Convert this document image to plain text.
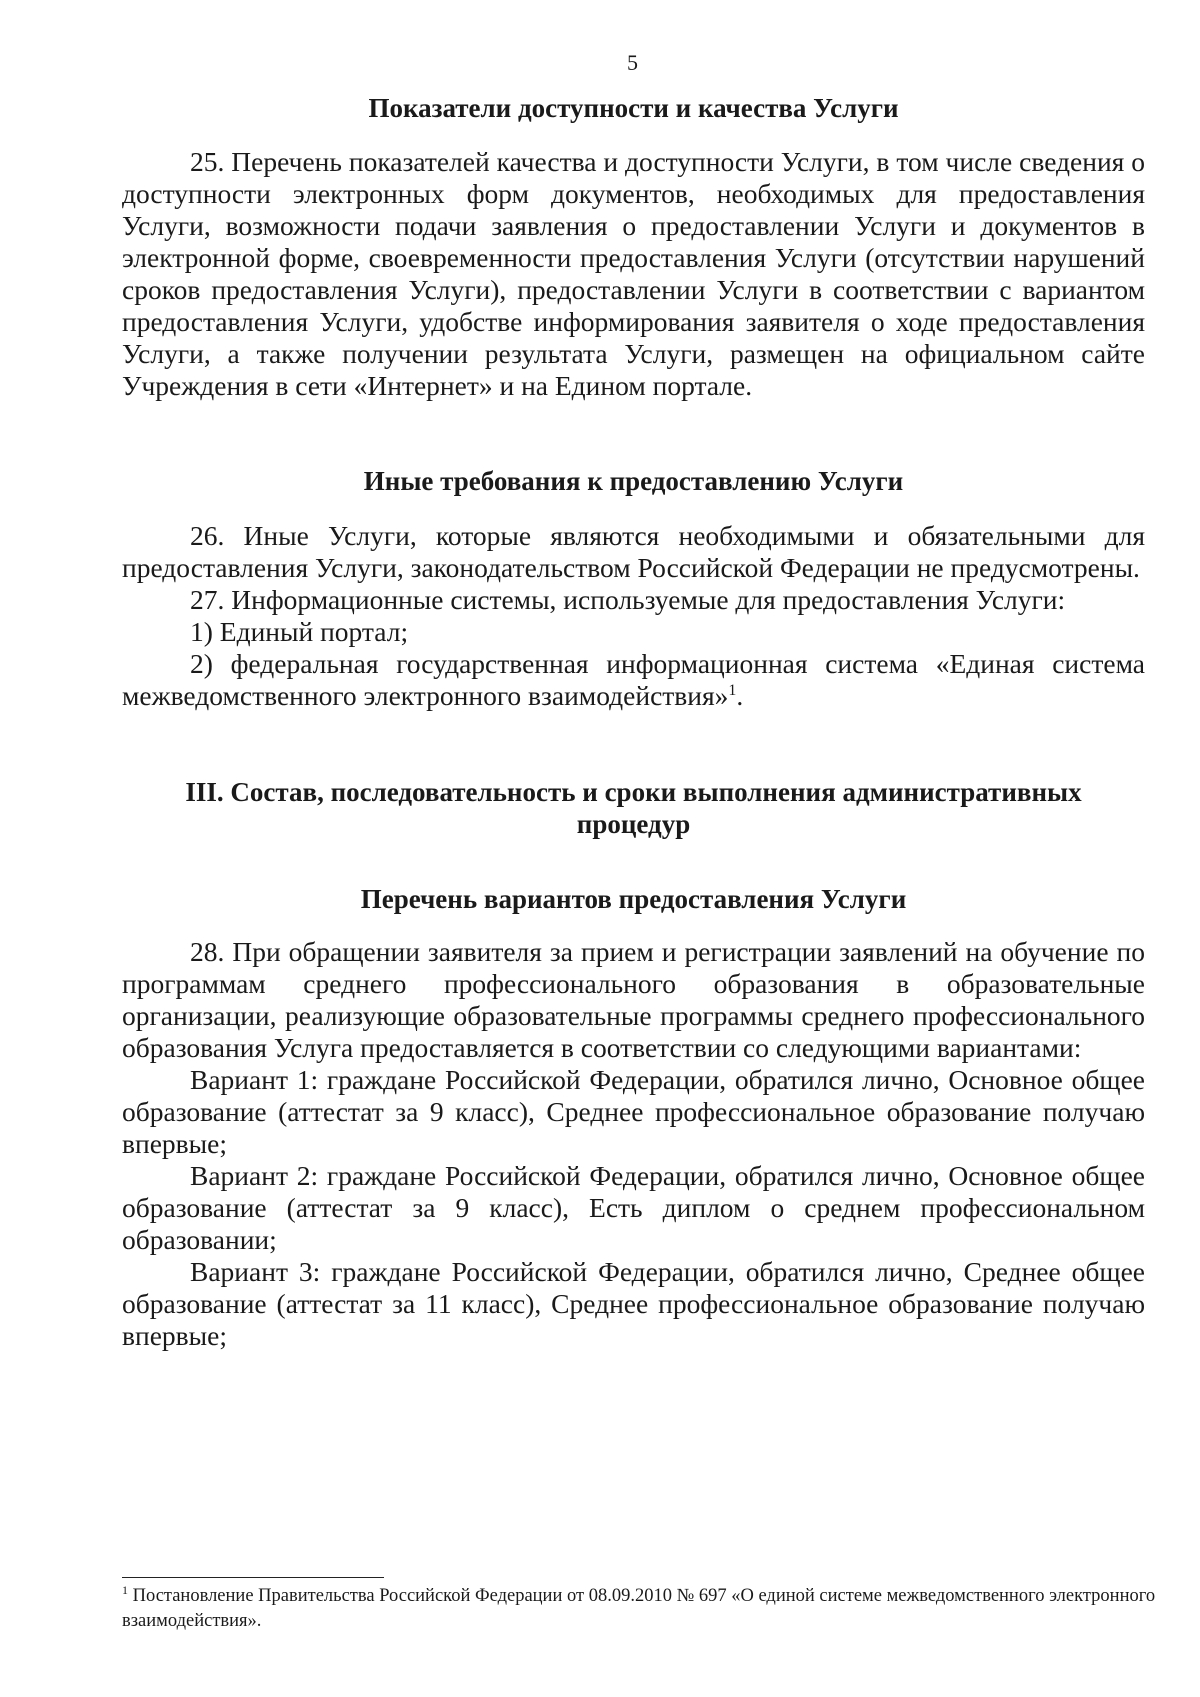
5
Показатели доступности и качества Услуги

25. Перечень показателей качества и доступности Услуги, в том числе сведения о доступности электронных форм документов, необходимых для предоставления Услуги, возможности подачи заявления о предоставлении Услуги и документов в электронной форме, своевременности предоставления Услуги (отсутствии нарушений сроков предоставления Услуги), предоставлении Услуги в соответствии с вариантом предоставления Услуги, удобстве информирования заявителя о ходе предоставления Услуги, а также получении результата Услуги, размещен на официальном сайте Учреждения в сети «Интернет» и на Едином портале.

Иные требования к предоставлению Услуги

26. Иные Услуги, которые являются необходимыми и обязательными для предоставления Услуги, законодательством Российской Федерации не предусмотрены.

27. Информационные системы, используемые для предоставления Услуги:

1) Единый портал;

2) федеральная государственная информационная система «Единая система межведомственного электронного взаимодействия»$^1$.

III. Состав, последовательность и сроки выполнения административных
процедур
Перечень вариантов предоставления Услуги

28. При обращении заявителя за прием и регистрации заявлений на обучение по программам среднего профессионального образования в образовательные организации, реализующие образовательные программы среднего профессионального образования Услуга предоставляется в соответствии со следующими вариантами:

Вариант 1: граждане Российской Федерации, обратился лично, Основное общее образование (аттестат за 9 класс), Среднее профессиональное образование получаю впервые;

Вариант 2: граждане Российской Федерации, обратился лично, Основное общее образование (аттестат за 9 класс), Есть диплом о среднем профессиональном образовании;

Вариант 3: граждане Российской Федерации, обратился лично, Среднее общее образование (аттестат за 11 класс), Среднее профессиональное образование получаю впервые;

$^1$ Постановление Правительства Российской Федерации от 08.09.2010 № 697 «О единой системе межведомственного электронного взаимодействия».
